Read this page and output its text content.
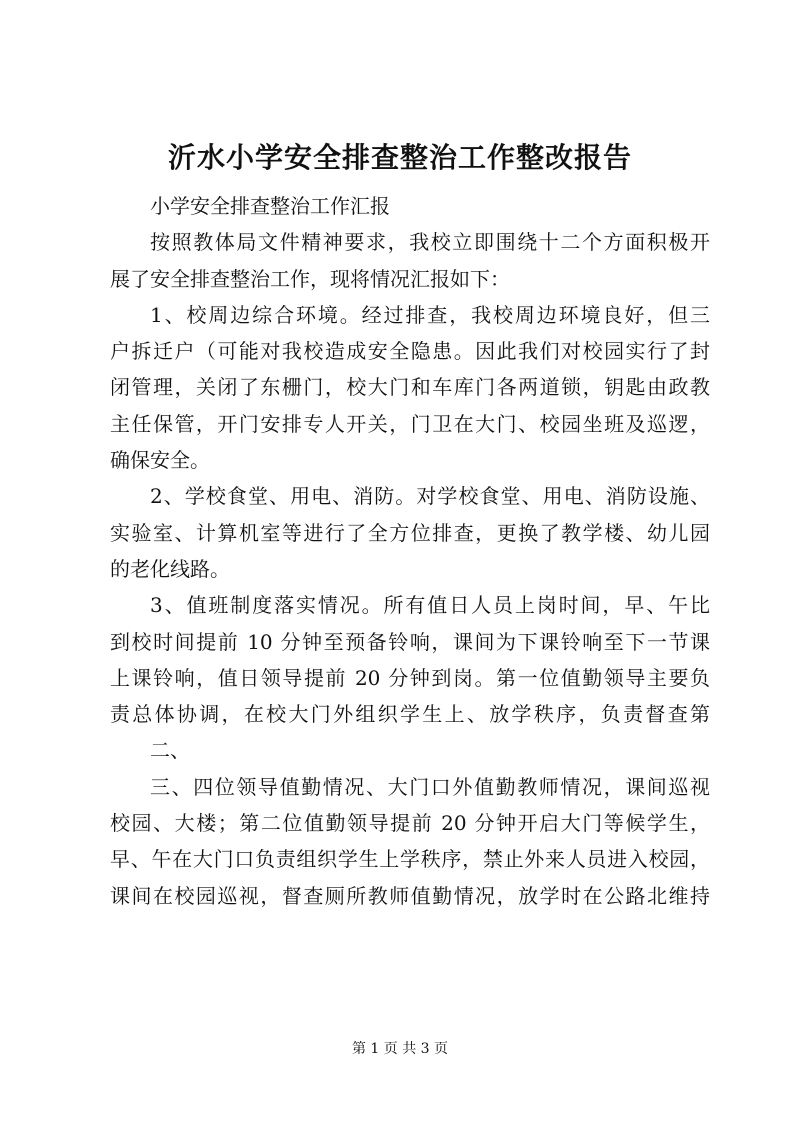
沂水小学安全排查整治工作整改报告
小学安全排查整治工作汇报
按照教体局文件精神要求，我校立即围绕十二个方面积极开
展了安全排查整治工作，现将情况汇报如下：
1、校周边综合环境。经过排查，我校周边环境良好，但三
户拆迁户（可能对我校造成安全隐患。因此我们对校园实行了封
闭管理，关闭了东栅门，校大门和车库门各两道锁，钥匙由政教
主任保管，开门安排专人开关，门卫在大门、校园坐班及巡逻，
确保安全。
2、学校食堂、用电、消防。对学校食堂、用电、消防设施、
实验室、计算机室等进行了全方位排查，更换了教学楼、幼儿园
的老化线路。
3、值班制度落实情况。所有值日人员上岗时间，早、午比
到校时间提前 10 分钟至预备铃响，课间为下课铃响至下一节课
上课铃响，值日领导提前 20 分钟到岗。第一位值勤领导主要负
责总体协调，在校大门外组织学生上、放学秩序，负责督查第
二、
三、四位领导值勤情况、大门口外值勤教师情况，课间巡视
校园、大楼；第二位值勤领导提前 20 分钟开启大门等候学生，
早、午在大门口负责组织学生上学秩序，禁止外来人员进入校园，
课间在校园巡视，督查厕所教师值勤情况，放学时在公路北维持
第 1 页 共 3 页
